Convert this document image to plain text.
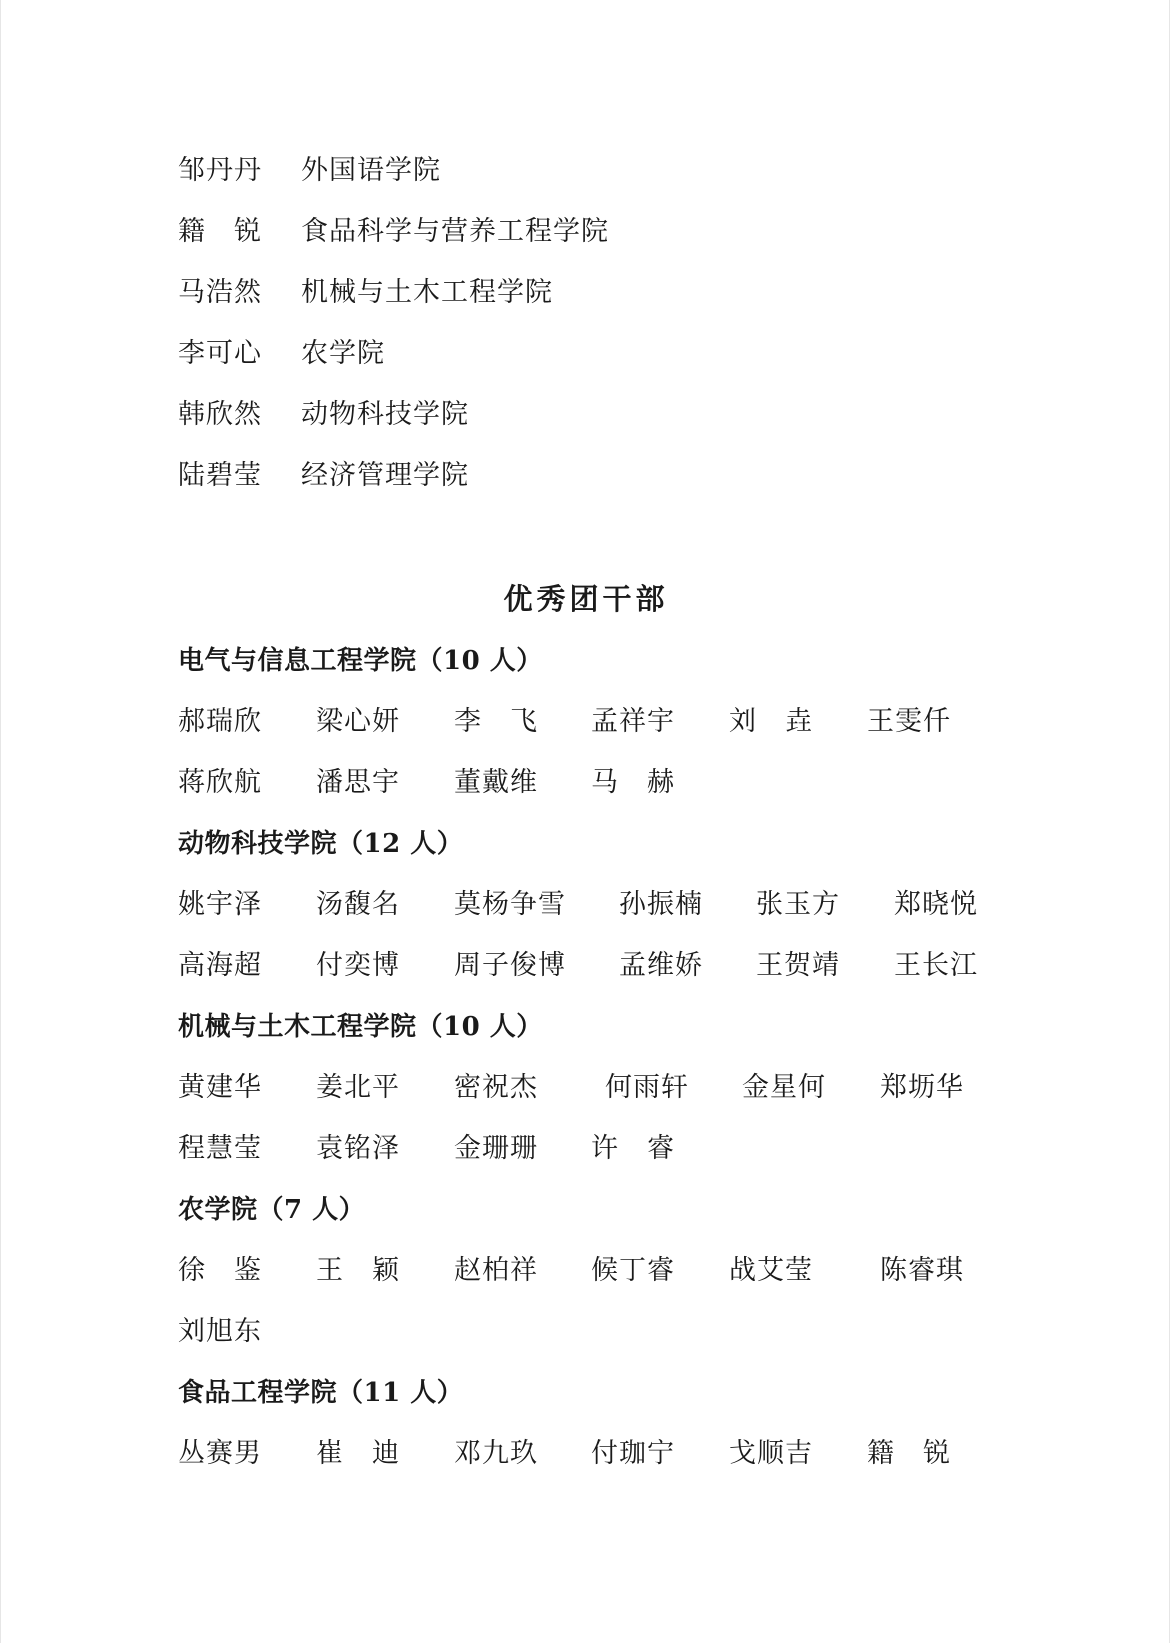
邹丹丹 外国语学院
籍　锐 食品科学与营养工程学院
马浩然 机械与土木工程学院
李可心 农学院
韩欣然 动物科技学院
陆碧莹 经济管理学院
优秀团干部
电气与信息工程学院（10 人）
郝瑞欣 梁心妍 李　飞 孟祥宇 刘　垚 王雯仟
蒋欣航 潘思宇 董戴维 马　赫
动物科技学院（12 人）
姚宇泽 汤馥名 莫杨争雪 孙振楠 张玉方 郑晓悦
高海超 付奕博 周子俊博 孟维娇 王贺靖 王长江
机械与土木工程学院（10 人）
黄建华 姜北平 密祝杰 何雨轩 金星何 郑坜华
程慧莹 袁铭泽 金珊珊 许　睿
农学院（7 人）
徐　鉴 王　颖 赵柏祥 候丁睿 战艾莹 陈睿琪
刘旭东
食品工程学院（11 人）
丛赛男 崔　迪 邓九玖 付珈宁 戈顺吉 籍　锐
